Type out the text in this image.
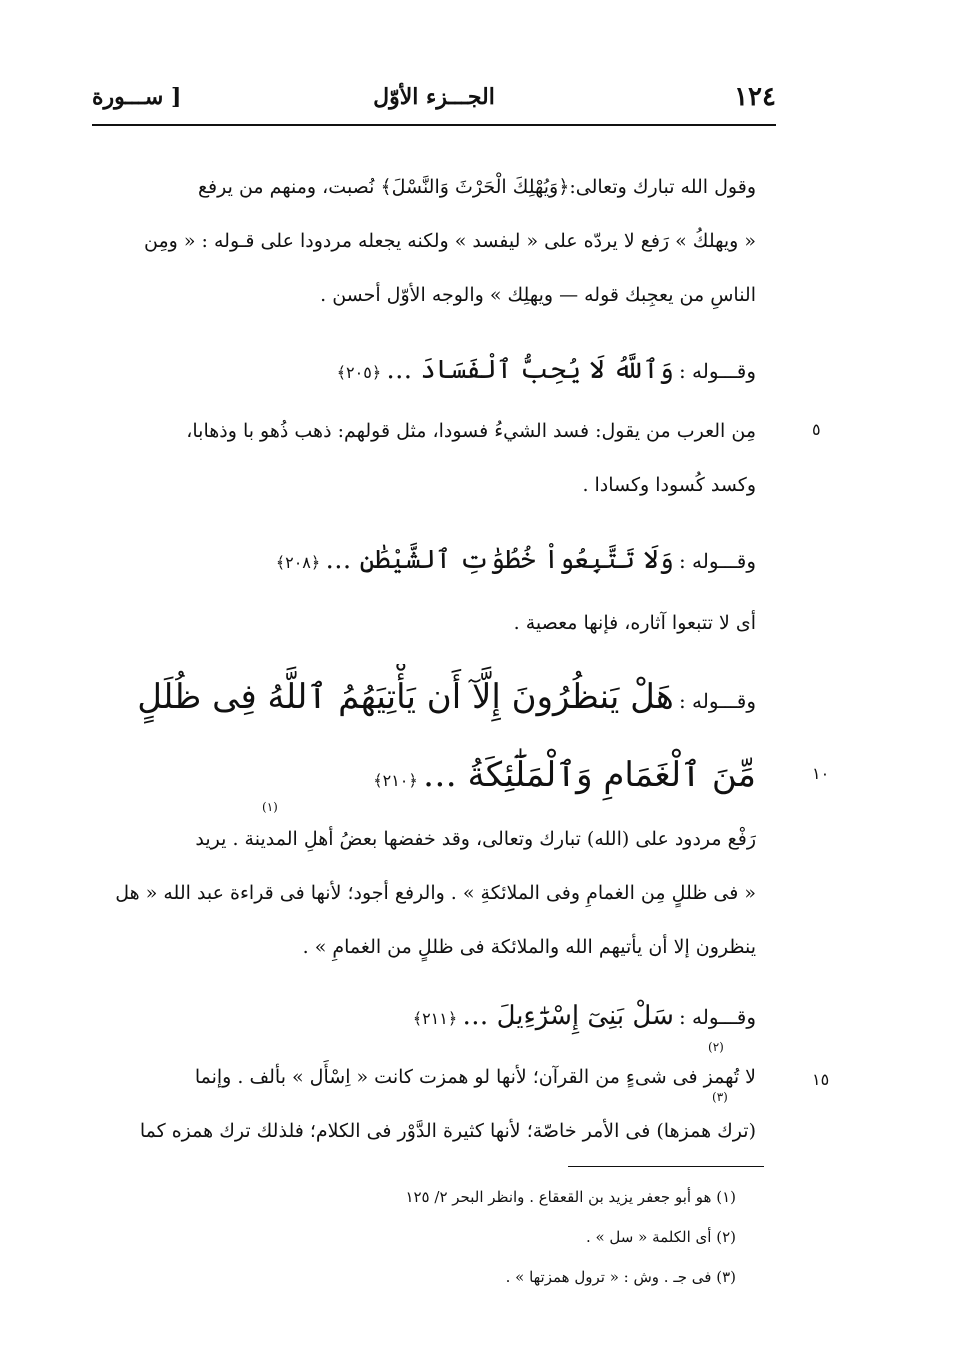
١٢٤
الجـــزء الأوّل
[ ســـورة
وقول الله تبارك وتعالى:﴿وَيُهْلِكَ الْحَرْثَ وَالنَّسْلَ﴾ نُصبت، ومنهم من يرفع
« ويهلكُ » رَفع لا يردّه على « ليفسد » ولكنه يجعله مردودا على قـوله : « ومِن
الناسِ من يعجِبك قوله — ويهلِك » والوجه الأوّل أحسن .
وقـــوله : وَٱللَّهُ لَا يُحِبُّ ٱلْفَسَادَ … ﴿٢٠٥﴾
٥
مِن العرب من يقول: فسد الشيءُ فسودا، مثل قولهم: ذهب ذُهو با وذهابا،
وكسد كُسودا وكسادا .
وقـــوله : وَلَا تَتَّبِعُواْ خُطُوَٰتِ ٱلشَّيْطَٰنِ … ﴿٢٠٨﴾
أى لا تتبعوا آثاره، فإنها معصية .
وقـــوله : هَلْ يَنظُرُونَ إِلَّآ أَن يَأْتِيَهُمُ ٱللَّهُ فِى ظُلَلٍ
مِّنَ ٱلْغَمَامِ وَٱلْمَلَٰٓئِكَةُ … ﴿٢١٠﴾	١٠
(١)
رَفْع مردود على (الله) تبارك وتعالى، وقد خفضها بعضُ أهلِ المدينة . يريد
« فى ظللٍ مِن الغمامِ وفى الملائكةِ » . والرفع أجود؛ لأنها فى قراءة عبد الله « هل
ينظرون إلا أن يأتيهم الله والملائكة فى ظللٍ من الغمامِ » .
وقـــوله : سَلْ بَنِىٓ إِسْرَٰٓءِيلَ … ﴿٢١١﴾
(٢)
(٣)
١٥
لا تُهمز فى شىءٍ من القرآن؛ لأنها لو همزت كانت « اِسْأَل » بألف . وإنما
(ترك همزها) فى الأمر خاصّة؛ لأنها كثيرة الدَّوْر فى الكلام؛ فلذلك ترك همزه كما
(١) هو أبو جعفر يزيد بن القعقاع . وانظر البحر ٢/ ١٢٥
(٢) أى الكلمة « سل » .
(٣) فى جـ . وش : « ترول همزتها » .
